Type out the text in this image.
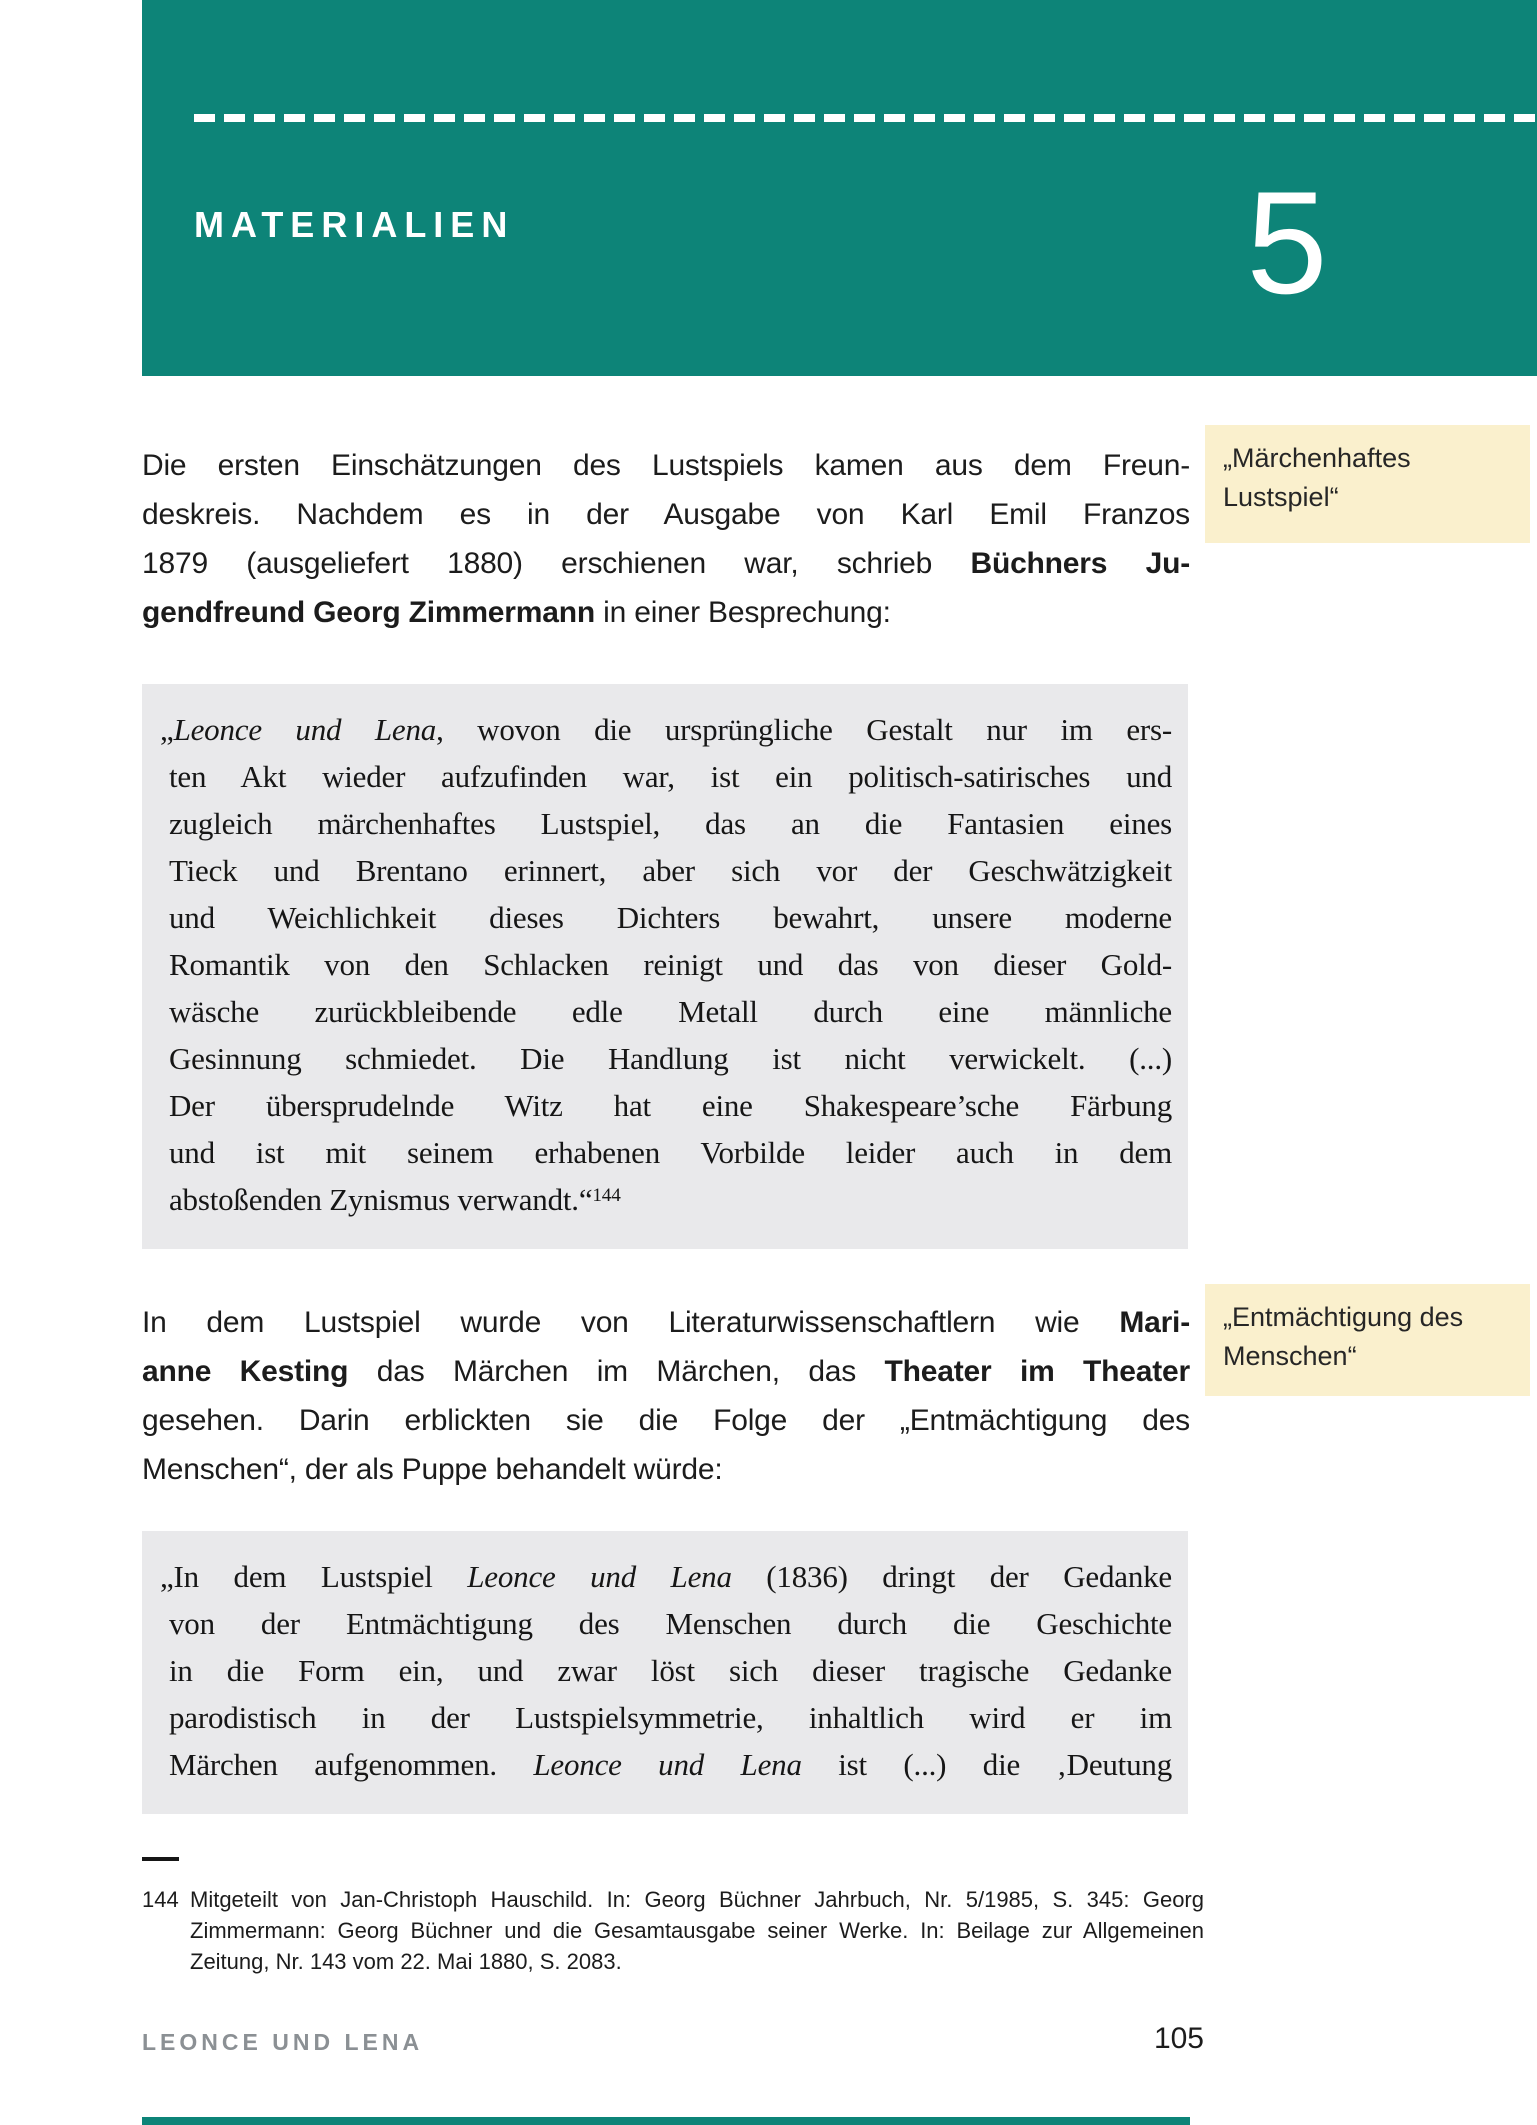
MATERIALIEN	5
Die ersten Einschätzungen des Lustspiels kamen aus dem Freun-
deskreis. Nachdem es in der Ausgabe von Karl Emil Franzos
1879 (ausgeliefert 1880) erschienen war, schrieb Büchners Ju-
gendfreund Georg Zimmermann in einer Besprechung:
„Märchenhaftes Lustspiel“
„Leonce und Lena, wovon die ursprüngliche Gestalt nur im ers-
ten Akt wieder aufzufinden war, ist ein politisch-satirisches und
zugleich märchenhaftes Lustspiel, das an die Fantasien eines
Tieck und Brentano erinnert, aber sich vor der Geschwätzigkeit
und Weichlichkeit dieses Dichters bewahrt, unsere moderne
Romantik von den Schlacken reinigt und das von dieser Gold-
wäsche zurückbleibende edle Metall durch eine männliche
Gesinnung schmiedet. Die Handlung ist nicht verwickelt. (...)
Der übersprudelnde Witz hat eine Shakespeare’sche Färbung
und ist mit seinem erhabenen Vorbilde leider auch in dem
abstoßenden Zynismus verwandt.“$^{144}$
In dem Lustspiel wurde von Literaturwissenschaftlern wie Mari-
anne Kesting das Märchen im Märchen, das Theater im Theater
gesehen. Darin erblickten sie die Folge der „Entmächtigung des
Menschen“, der als Puppe behandelt würde:
„Entmächtigung des Menschen“
„In dem Lustspiel Leonce und Lena (1836) dringt der Gedanke
von der Entmächtigung des Menschen durch die Geschichte
in die Form ein, und zwar löst sich dieser tragische Gedanke
parodistisch in der Lustspielsymmetrie, inhaltlich wird er im
Märchen aufgenommen. Leonce und Lena ist (...) die ‚Deutung
144 Mitgeteilt von Jan-Christoph Hauschild. In: Georg Büchner Jahrbuch, Nr. 5/1985, S. 345: Georg
Zimmermann: Georg Büchner und die Gesamtausgabe seiner Werke. In: Beilage zur Allgemeinen
Zeitung, Nr. 143 vom 22. Mai 1880, S. 2083.
LEONCE UND LENA	105
